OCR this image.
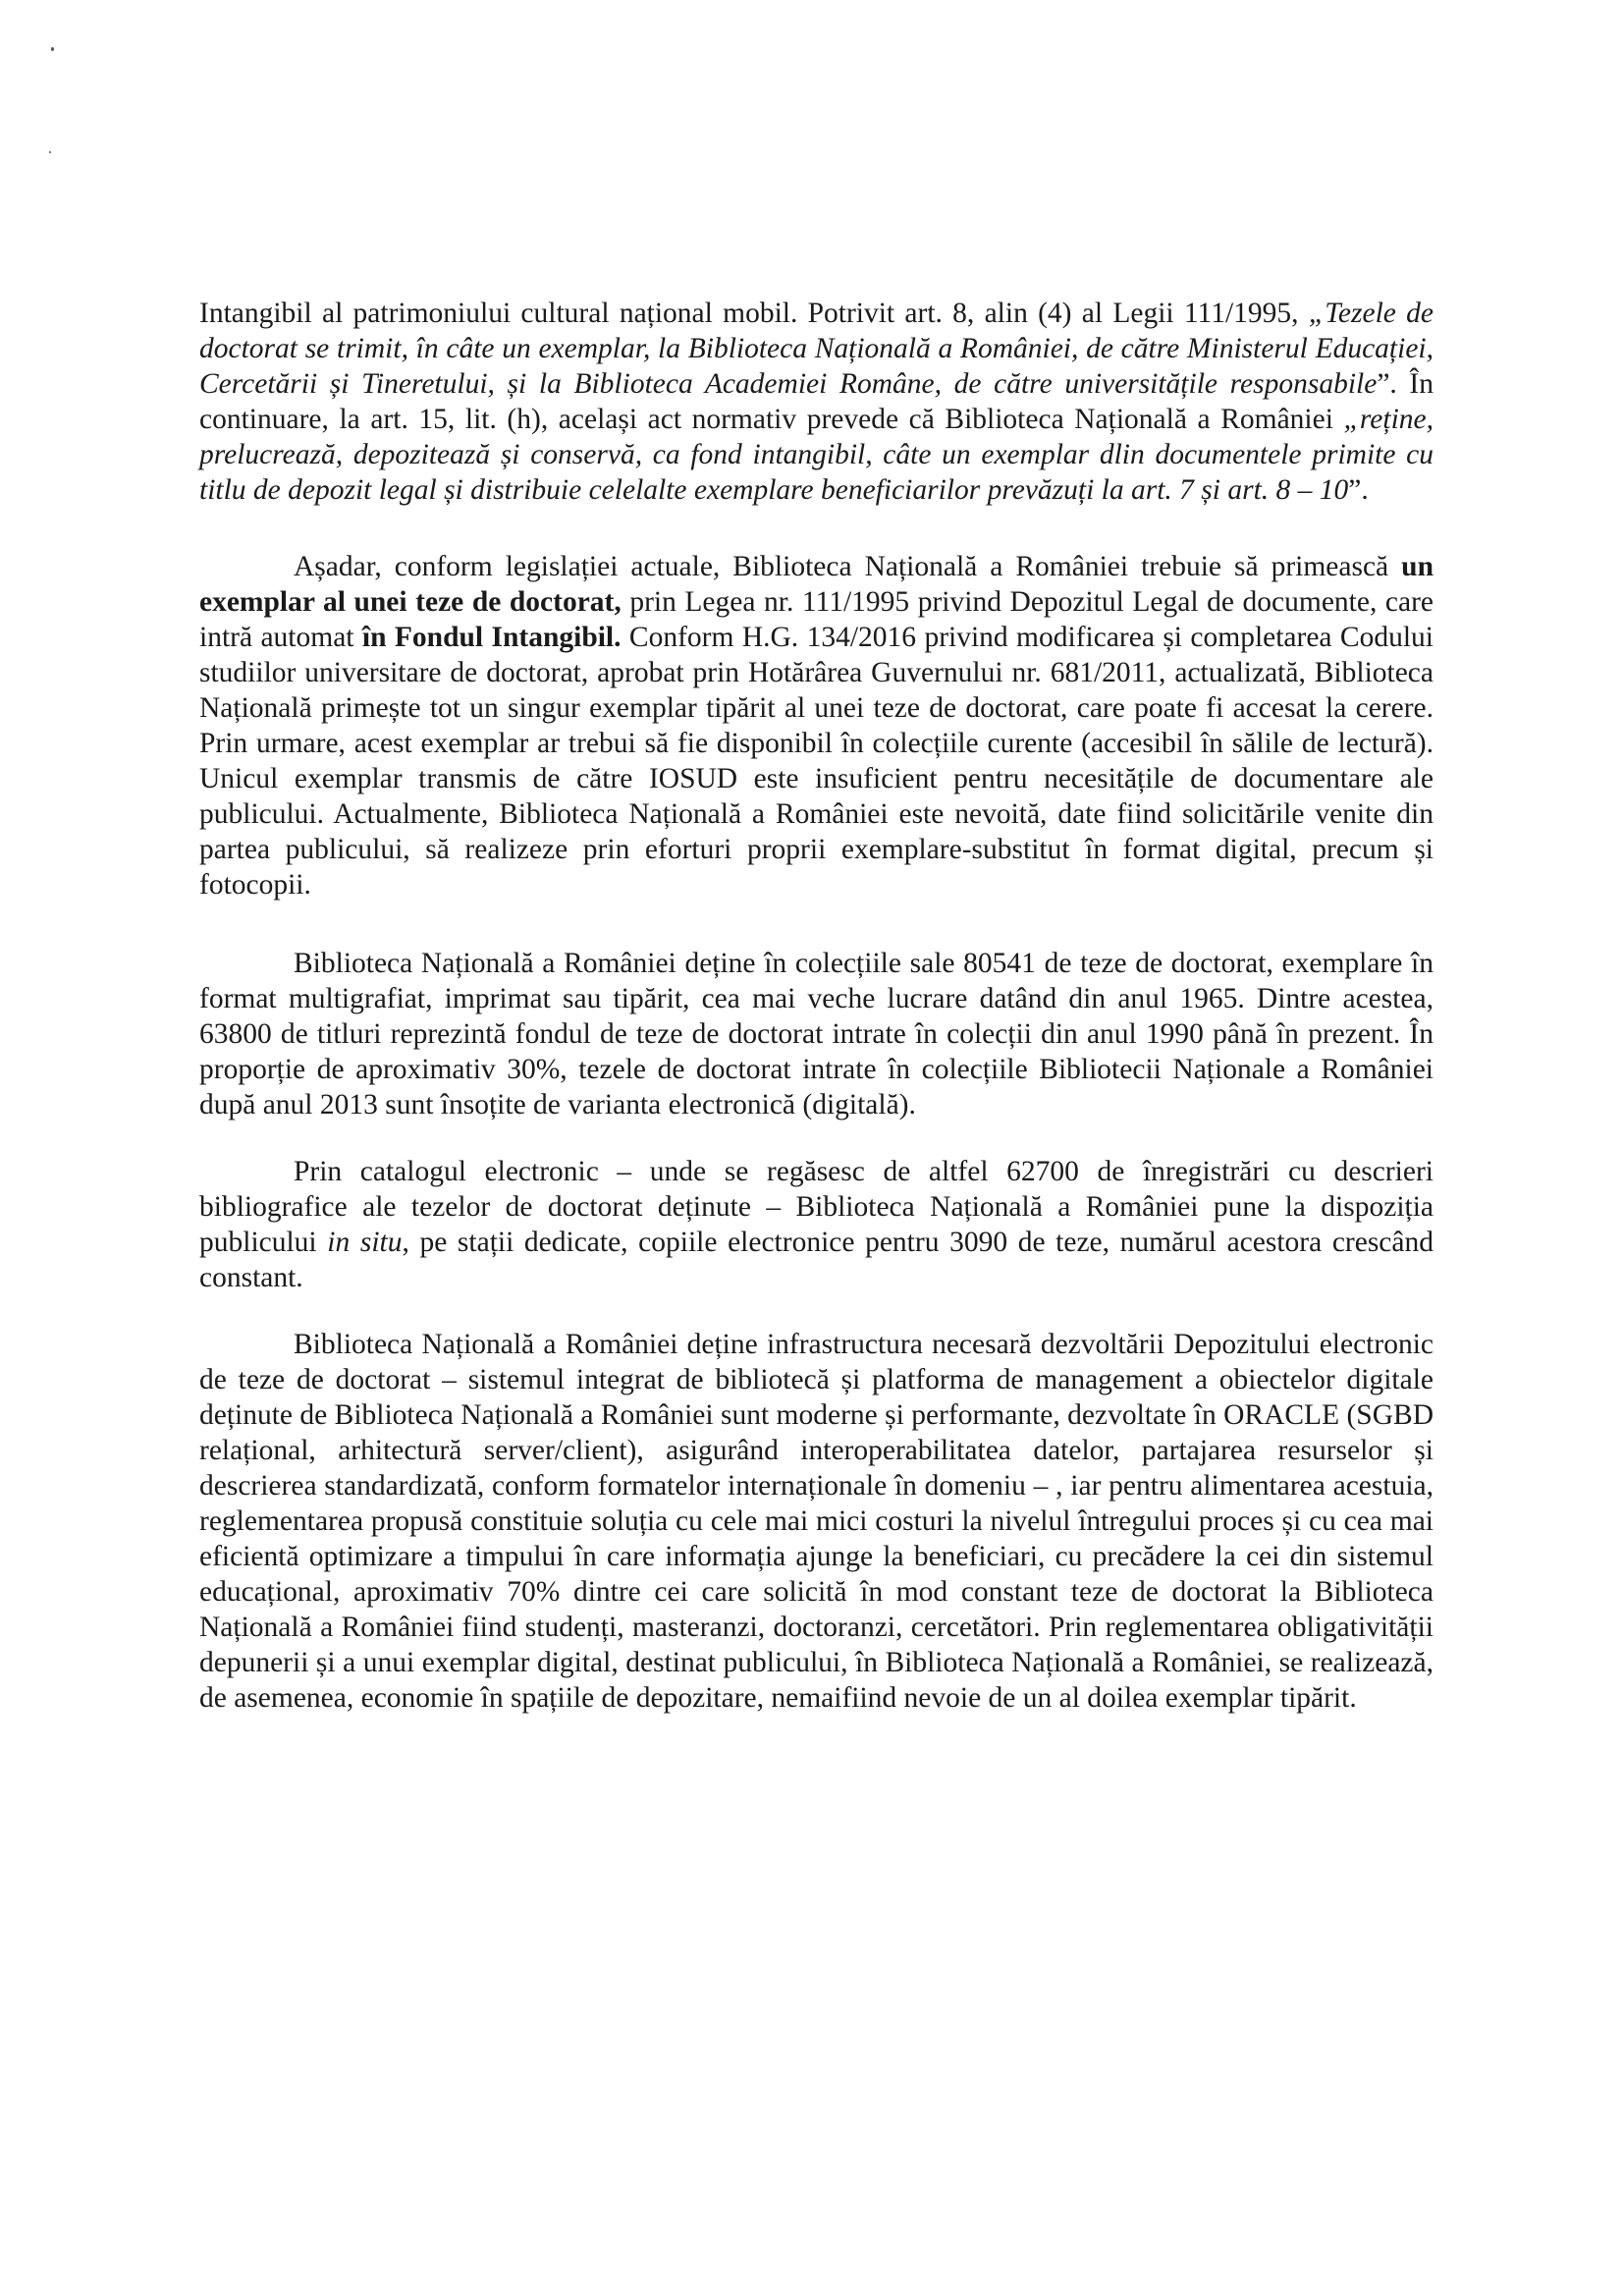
Intangibil al patrimoniului cultural național mobil. Potrivit art. 8, alin (4) al Legii 111/1995, „Tezele de doctorat se trimit, în câte un exemplar, la Biblioteca Națională a României, de către Ministerul Educației, Cercetării și Tineretului, și la Biblioteca Academiei Române, de către universitățile responsabile”. În continuare, la art. 15, lit. (h), același act normativ prevede că Biblioteca Națională a României „reține, prelucrează, depozitează și conservă, ca fond intangibil, câte un exemplar dlin documentele primite cu titlu de depozit legal și distribuie celelalte exemplare beneficiarilor prevăzuți la art. 7 și art. 8 – 10”.

Așadar, conform legislației actuale, Biblioteca Națională a României trebuie să primească un exemplar al unei teze de doctorat, prin Legea nr. 111/1995 privind Depozitul Legal de documente, care intră automat în Fondul Intangibil. Conform H.G. 134/2016 privind modificarea și completarea Codului studiilor universitare de doctorat, aprobat prin Hotărârea Guvernului nr. 681/2011, actualizată, Biblioteca Națională primește tot un singur exemplar tipărit al unei teze de doctorat, care poate fi accesat la cerere. Prin urmare, acest exemplar ar trebui să fie disponibil în colecțiile curente (accesibil în sălile de lectură). Unicul exemplar transmis de către IOSUD este insuficient pentru necesitățile de documentare ale publicului. Actualmente, Biblioteca Națională a României este nevoită, date fiind solicitările venite din partea publicului, să realizeze prin eforturi proprii exemplare-substitut în format digital, precum și fotocopii.

Biblioteca Națională a României deține în colecțiile sale 80541 de teze de doctorat, exemplare în format multigrafiat, imprimat sau tipărit, cea mai veche lucrare datând din anul 1965. Dintre acestea, 63800 de titluri reprezintă fondul de teze de doctorat intrate în colecții din anul 1990 până în prezent. În proporție de aproximativ 30%, tezele de doctorat intrate în colecțiile Bibliotecii Naționale a României după anul 2013 sunt însoțite de varianta electronică (digitală).

Prin catalogul electronic – unde se regăsesc de altfel 62700 de înregistrări cu descrieri bibliografice ale tezelor de doctorat deținute – Biblioteca Națională a României pune la dispoziția publicului in situ, pe stații dedicate, copiile electronice pentru 3090 de teze, numărul acestora crescând constant.

Biblioteca Națională a României deține infrastructura necesară dezvoltării Depozitului electronic de teze de doctorat – sistemul integrat de bibliotecă și platforma de management a obiectelor digitale deținute de Biblioteca Națională a României sunt moderne și performante, dezvoltate în ORACLE (SGBD relațional, arhitectură server/client), asigurând interoperabilitatea datelor, partajarea resurselor și descrierea standardizată, conform formatelor internaționale în domeniu – , iar pentru alimentarea acestuia, reglementarea propusă constituie soluția cu cele mai mici costuri la nivelul întregului proces și cu cea mai eficientă optimizare a timpului în care informația ajunge la beneficiari, cu precădere la cei din sistemul educațional, aproximativ 70% dintre cei care solicită în mod constant teze de doctorat la Biblioteca Națională a României fiind studenți, masteranzi, doctoranzi, cercetători. Prin reglementarea obligativității depunerii și a unui exemplar digital, destinat publicului, în Biblioteca Națională a României, se realizează, de asemenea, economie în spațiile de depozitare, nemaifiind nevoie de un al doilea exemplar tipărit.
